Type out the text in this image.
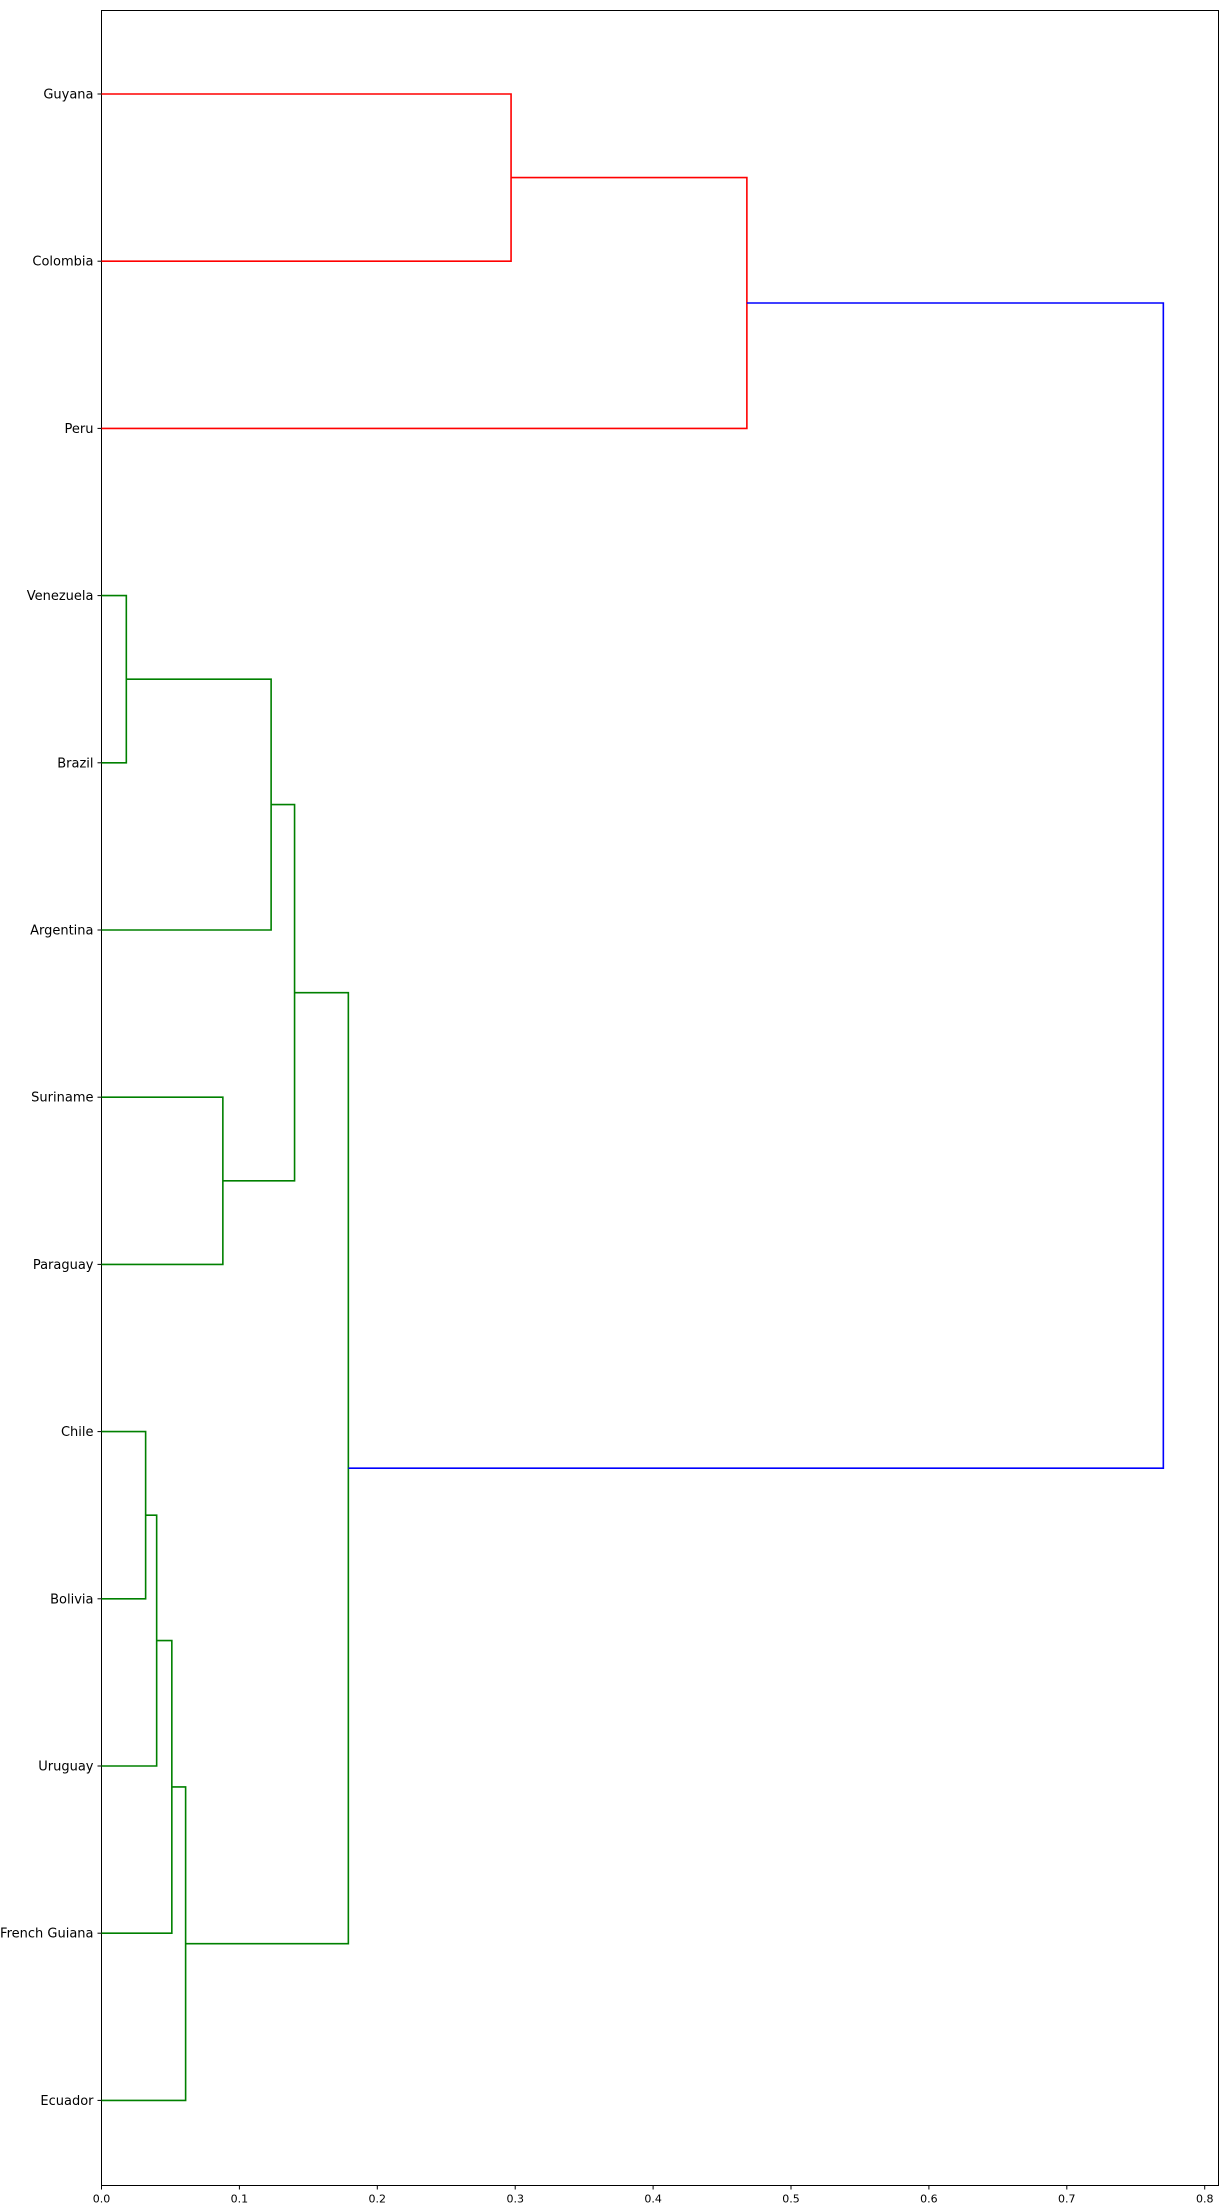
Guyana
Colombia
Peru
Venezuela
Brazil
Argentina
Suriname
Paraguay
Chile
Bolivia
Uruguay
French Guiana
Ecuador
0.0	0.1	0.2	0.3	0.4	0.5	0.6	0.7	0.8
